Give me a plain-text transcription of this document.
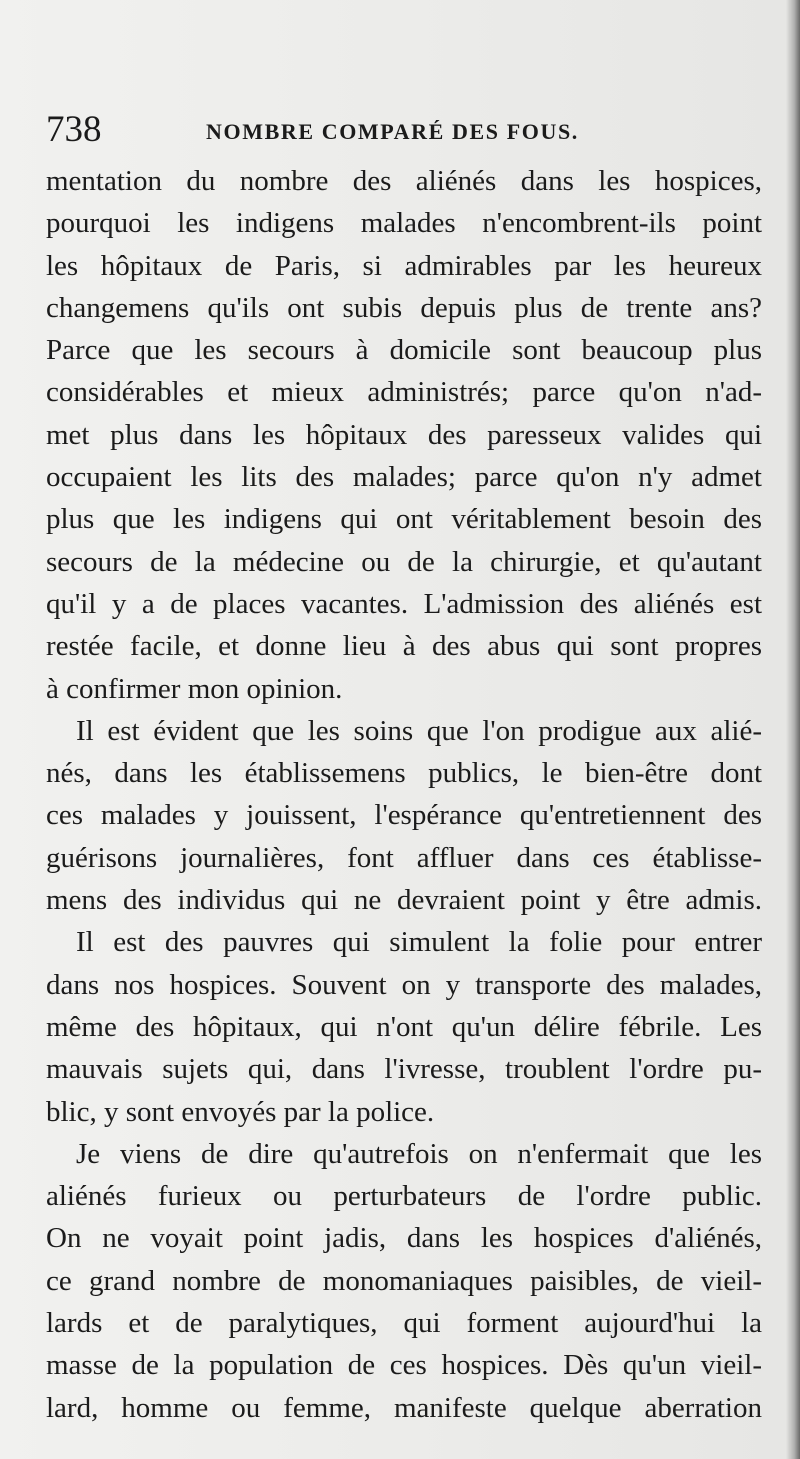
738	NOMBRE COMPARÉ DES FOUS.
mentation du nombre des aliénés dans les hospices,
pourquoi les indigens malades n'encombrent-ils point
les hôpitaux de Paris, si admirables par les heureux
changemens qu'ils ont subis depuis plus de trente ans?
Parce que les secours à domicile sont beaucoup plus
considérables et mieux administrés; parce qu'on n'ad-
met plus dans les hôpitaux des paresseux valides qui
occupaient les lits des malades; parce qu'on n'y admet
plus que les indigens qui ont véritablement besoin des
secours de la médecine ou de la chirurgie, et qu'autant
qu'il y a de places vacantes. L'admission des aliénés est
restée facile, et donne lieu à des abus qui sont propres
à confirmer mon opinion.
Il est évident que les soins que l'on prodigue aux alié-
nés, dans les établissemens publics, le bien-être dont
ces malades y jouissent, l'espérance qu'entretiennent des
guérisons journalières, font affluer dans ces établisse-
mens des individus qui ne devraient point y être admis.
Il est des pauvres qui simulent la folie pour entrer
dans nos hospices. Souvent on y transporte des malades,
même des hôpitaux, qui n'ont qu'un délire fébrile. Les
mauvais sujets qui, dans l'ivresse, troublent l'ordre pu-
blic, y sont envoyés par la police.
Je viens de dire qu'autrefois on n'enfermait que les
aliénés furieux ou perturbateurs de l'ordre public.
On ne voyait point jadis, dans les hospices d'aliénés,
ce grand nombre de monomaniaques paisibles, de vieil-
lards et de paralytiques, qui forment aujourd'hui la
masse de la population de ces hospices. Dès qu'un vieil-
lard, homme ou femme, manifeste quelque aberration
